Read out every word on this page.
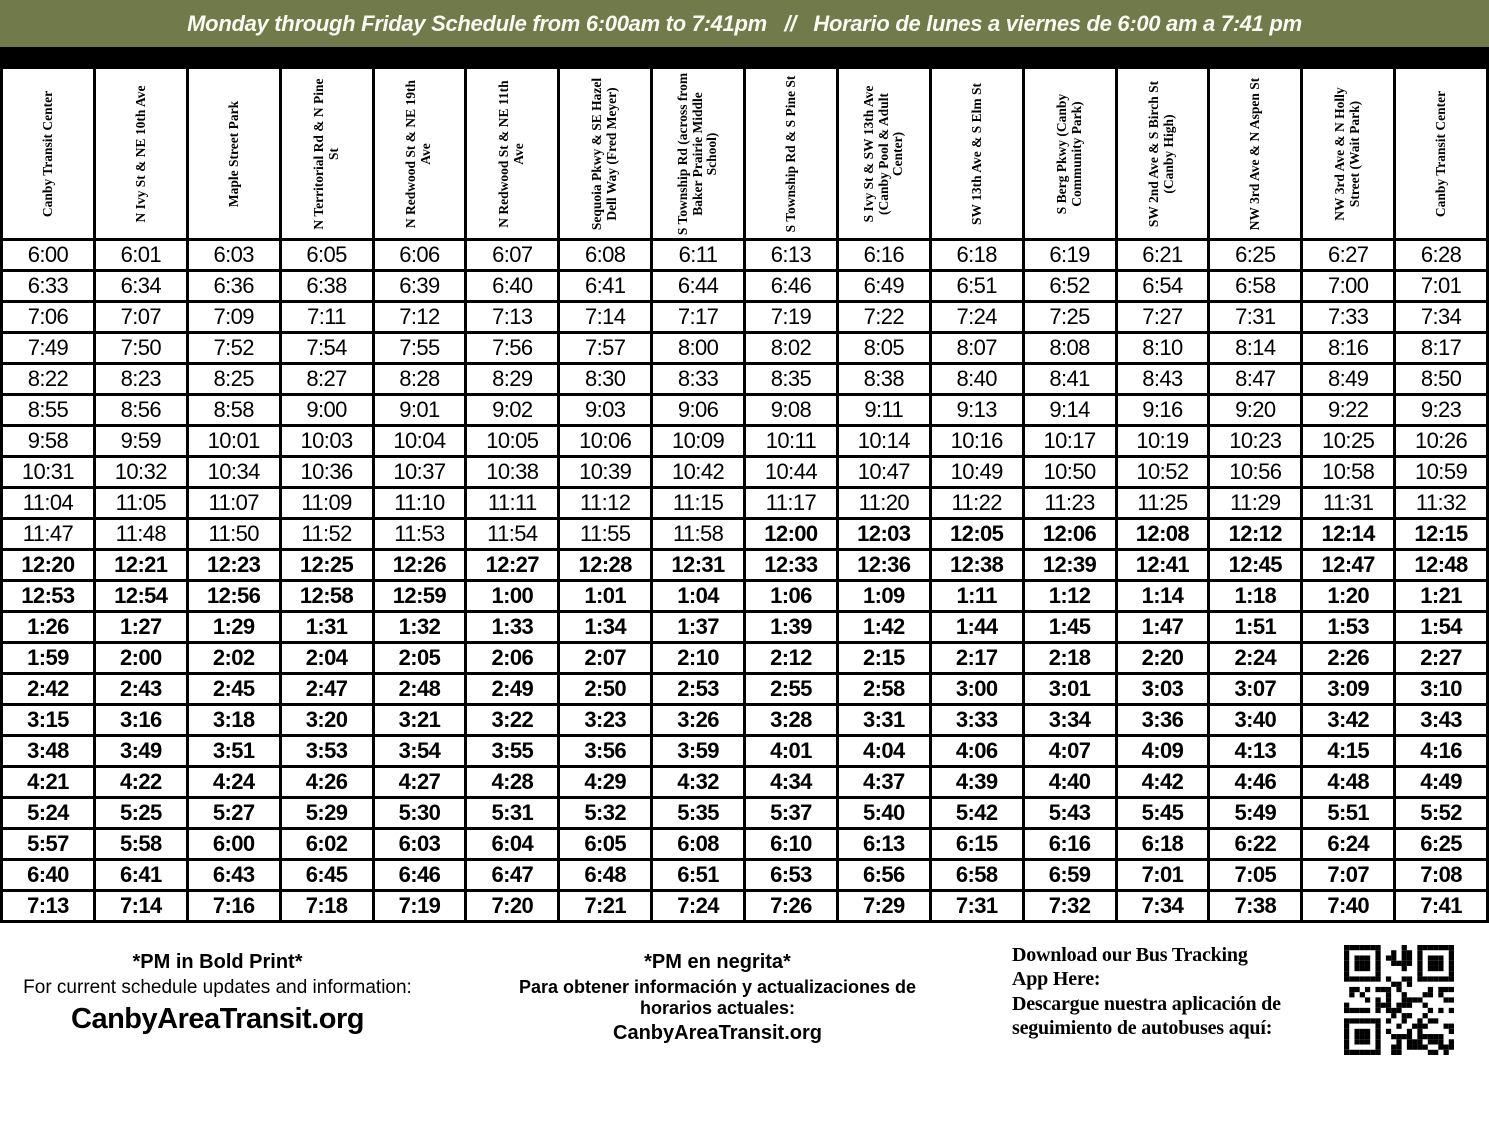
Monday through Friday Schedule from 6:00am to 7:41pm   //   Horario de lunes a viernes de 6:00 am a 7:41 pm
Canby Transit Center	N Ivy St & NE 10th Ave	Maple Street Park	N Territorial Rd & N Pine St	N Redwood St & NE 19th Ave	N Redwood St & NE 11th Ave	Sequoia Pkwy & SE Hazel Dell Way (Fred Meyer)	S Township Rd (across from Baker Prairie Middle School)	S Township Rd & S Pine St	S Ivy St & SW 13th Ave (Canby Pool & Adult Center)	SW 13th Ave & S Elm St	S Berg Pkwy (Canby Community Park)	SW 2nd Ave & S Birch St (Canby High)	NW 3rd Ave & N Aspen St	NW 3rd Ave & N Holly Street (Wait Park)	Canby Transit Center

6:00	6:01	6:03	6:05	6:06	6:07	6:08	6:11	6:13	6:16	6:18	6:19	6:21	6:25	6:27	6:28
6:33	6:34	6:36	6:38	6:39	6:40	6:41	6:44	6:46	6:49	6:51	6:52	6:54	6:58	7:00	7:01
7:06	7:07	7:09	7:11	7:12	7:13	7:14	7:17	7:19	7:22	7:24	7:25	7:27	7:31	7:33	7:34
7:49	7:50	7:52	7:54	7:55	7:56	7:57	8:00	8:02	8:05	8:07	8:08	8:10	8:14	8:16	8:17
8:22	8:23	8:25	8:27	8:28	8:29	8:30	8:33	8:35	8:38	8:40	8:41	8:43	8:47	8:49	8:50
8:55	8:56	8:58	9:00	9:01	9:02	9:03	9:06	9:08	9:11	9:13	9:14	9:16	9:20	9:22	9:23
9:58	9:59	10:01	10:03	10:04	10:05	10:06	10:09	10:11	10:14	10:16	10:17	10:19	10:23	10:25	10:26
10:31	10:32	10:34	10:36	10:37	10:38	10:39	10:42	10:44	10:47	10:49	10:50	10:52	10:56	10:58	10:59
11:04	11:05	11:07	11:09	11:10	11:11	11:12	11:15	11:17	11:20	11:22	11:23	11:25	11:29	11:31	11:32
11:47	11:48	11:50	11:52	11:53	11:54	11:55	11:58	12:00	12:03	12:05	12:06	12:08	12:12	12:14	12:15
12:20	12:21	12:23	12:25	12:26	12:27	12:28	12:31	12:33	12:36	12:38	12:39	12:41	12:45	12:47	12:48
12:53	12:54	12:56	12:58	12:59	1:00	1:01	1:04	1:06	1:09	1:11	1:12	1:14	1:18	1:20	1:21
1:26	1:27	1:29	1:31	1:32	1:33	1:34	1:37	1:39	1:42	1:44	1:45	1:47	1:51	1:53	1:54
1:59	2:00	2:02	2:04	2:05	2:06	2:07	2:10	2:12	2:15	2:17	2:18	2:20	2:24	2:26	2:27
2:42	2:43	2:45	2:47	2:48	2:49	2:50	2:53	2:55	2:58	3:00	3:01	3:03	3:07	3:09	3:10
3:15	3:16	3:18	3:20	3:21	3:22	3:23	3:26	3:28	3:31	3:33	3:34	3:36	3:40	3:42	3:43
3:48	3:49	3:51	3:53	3:54	3:55	3:56	3:59	4:01	4:04	4:06	4:07	4:09	4:13	4:15	4:16
4:21	4:22	4:24	4:26	4:27	4:28	4:29	4:32	4:34	4:37	4:39	4:40	4:42	4:46	4:48	4:49
5:24	5:25	5:27	5:29	5:30	5:31	5:32	5:35	5:37	5:40	5:42	5:43	5:45	5:49	5:51	5:52
5:57	5:58	6:00	6:02	6:03	6:04	6:05	6:08	6:10	6:13	6:15	6:16	6:18	6:22	6:24	6:25
6:40	6:41	6:43	6:45	6:46	6:47	6:48	6:51	6:53	6:56	6:58	6:59	7:01	7:05	7:07	7:08
7:13	7:14	7:16	7:18	7:19	7:20	7:21	7:24	7:26	7:29	7:31	7:32	7:34	7:38	7:40	7:41
*PM in Bold Print*
For current schedule updates and information:
CanbyAreaTransit.org
*PM en negrita*
Para obtener información y actualizaciones de
horarios actuales:
CanbyAreaTransit.org
Download our Bus Tracking
App Here:
Descargue nuestra aplicación de
seguimiento de autobuses aquí:
